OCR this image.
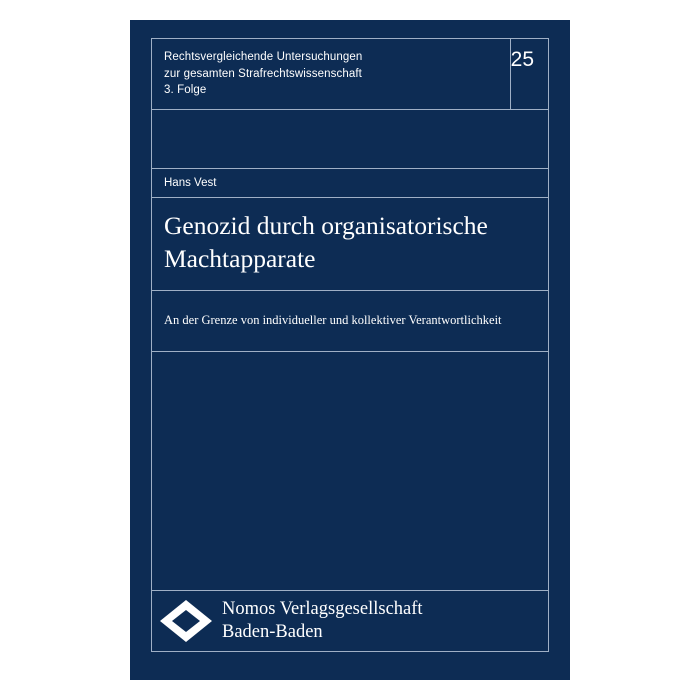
Rechtsvergleichende Untersuchungen
zur gesamten Strafrechtswissenschaft
3. Folge
25
Hans Vest
Genozid durch organisatorische
Machtapparate
An der Grenze von individueller und kollektiver Verantwortlichkeit
Nomos Verlagsgesellschaft
Baden-Baden
